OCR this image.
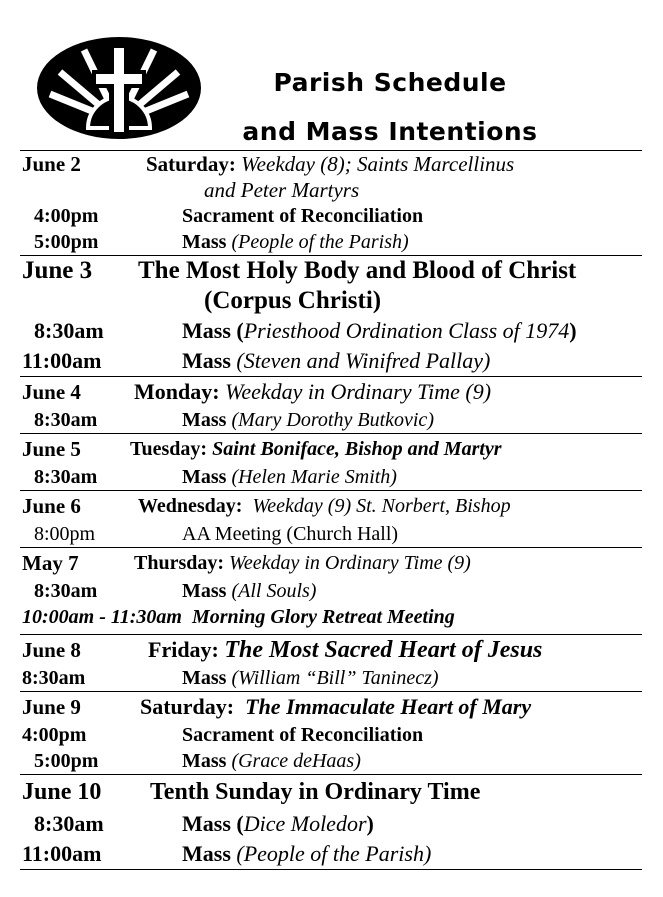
Parish Schedule
and Mass Intentions
June 2	Saturday: Weekday (8); Saints Marcellinus
and Peter Martyrs
4:00pm	Sacrament of Reconciliation
5:00pm	Mass (People of the Parish)
June 3 The Most Holy Body and Blood of Christ
(Corpus Christi)
8:30am	Mass (Priesthood Ordination Class of 1974)
11:00am	Mass (Steven and Winifred Pallay)
June 4 Monday: Weekday in Ordinary Time (9)
8:30am	Mass (Mary Dorothy Butkovic)
June 5 Tuesday: Saint Boniface, Bishop and Martyr
8:30am	Mass (Helen Marie Smith)
June 6	Wednesday: Weekday (9) St. Norbert, Bishop
8:00pm	AA Meeting (Church Hall)
May 7	Thursday: Weekday in Ordinary Time (9)
8:30am	Mass (All Souls)
10:00am - 11:30am  Morning Glory Retreat Meeting
June 8	Friday: The Most Sacred Heart of Jesus
8:30am	Mass (William “Bill” Taninecz)
June 9	Saturday: The Immaculate Heart of Mary
4:00pm	Sacrament of Reconciliation
5:00pm	Mass (Grace deHaas)
June 10 Tenth Sunday in Ordinary Time
8:30am	Mass (Dice Moledor)
11:00am	Mass (People of the Parish)
